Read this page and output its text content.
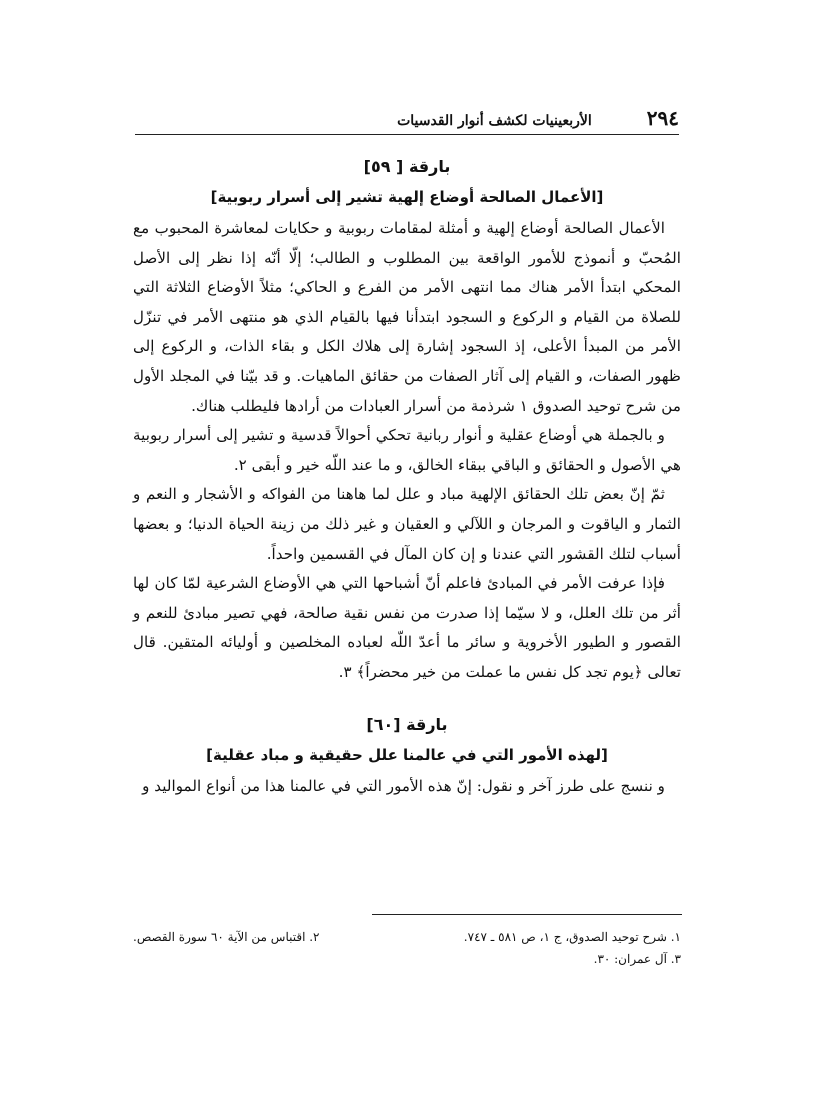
٢٩٤
الأربعينيات لكشف أنوار القدسيات
بارقة [ ٥٩]
[الأعمال الصالحة أوضاع إلهية تشير إلى أسرار ربوبية]

الأعمال الصالحة أوضاع إلهية و أمثلة لمقامات ربوبية و حكايات لمعاشرة المحبوب مع المُحبّ و أنموذج للأمور الواقعة بين المطلوب و الطالب؛ إلّا أنّه إذا نظر إلى الأصل المحكي ابتدأ الأمر هناك مما انتهى الأمر من الفرع و الحاكي؛ مثلاً الأوضاع الثلاثة التي للصلاة من القيام و الركوع و السجود ابتدأنا فيها بالقيام الذي هو منتهى الأمر في تنزّل الأمر من المبدأ الأعلى، إذ السجود إشارة إلى هلاك الكل و بقاء الذات، و الركوع إلى ظهور الصفات، و القيام إلى آثار الصفات من حقائق الماهيات. و قد بيّنا في المجلد الأول من شرح توحيد الصدوق ١ شرذمة من أسرار العبادات من أرادها فليطلب هناك.

و بالجملة هي أوضاع عقلية و أنوار ربانية تحكي أحوالاً قدسية و تشير إلى أسرار ربوبية هي الأصول و الحقائق و الباقي ببقاء الخالق، و ما عند اللّه خير و أبقى ٢.

ثمّ إنّ بعض تلك الحقائق الإلهية مباد و علل لما هاهنا من الفواكه و الأشجار و النعم و الثمار و الياقوت و المرجان و اللآلي و العقيان و غير ذلك من زينة الحياة الدنيا؛ و بعضها أسباب لتلك القشور التي عندنا و إن كان المآل في القسمين واحداً.

فإذا عرفت الأمر في المبادئ فاعلم أنّ أشباحها التي هي الأوضاع الشرعية لمّا كان لها أثر من تلك العلل، و لا سيّما إذا صدرت من نفس نقية صالحة، فهي تصير مبادئ للنعم و القصور و الطيور الأخروية و سائر ما أعدّ اللّه لعباده المخلصين و أوليائه المتقين. قال تعالى ﴿يوم تجد كل نفس ما عملت من خير محضراً﴾ ٣.

بارقة [٦٠]
[لهذه الأمور التي في عالمنا علل حقيقية و مباد عقلية]

و ننسج على طرز آخر و نقول: إنّ هذه الأمور التي في عالمنا هذا من أنواع المواليد و

١. شرح توحيد الصدوق، ج ١، ص ٥٨١ ـ ٧٤٧.
٢. اقتباس من الآية ٦٠ سورة القصص.
٣. آل عمران: ٣٠.
